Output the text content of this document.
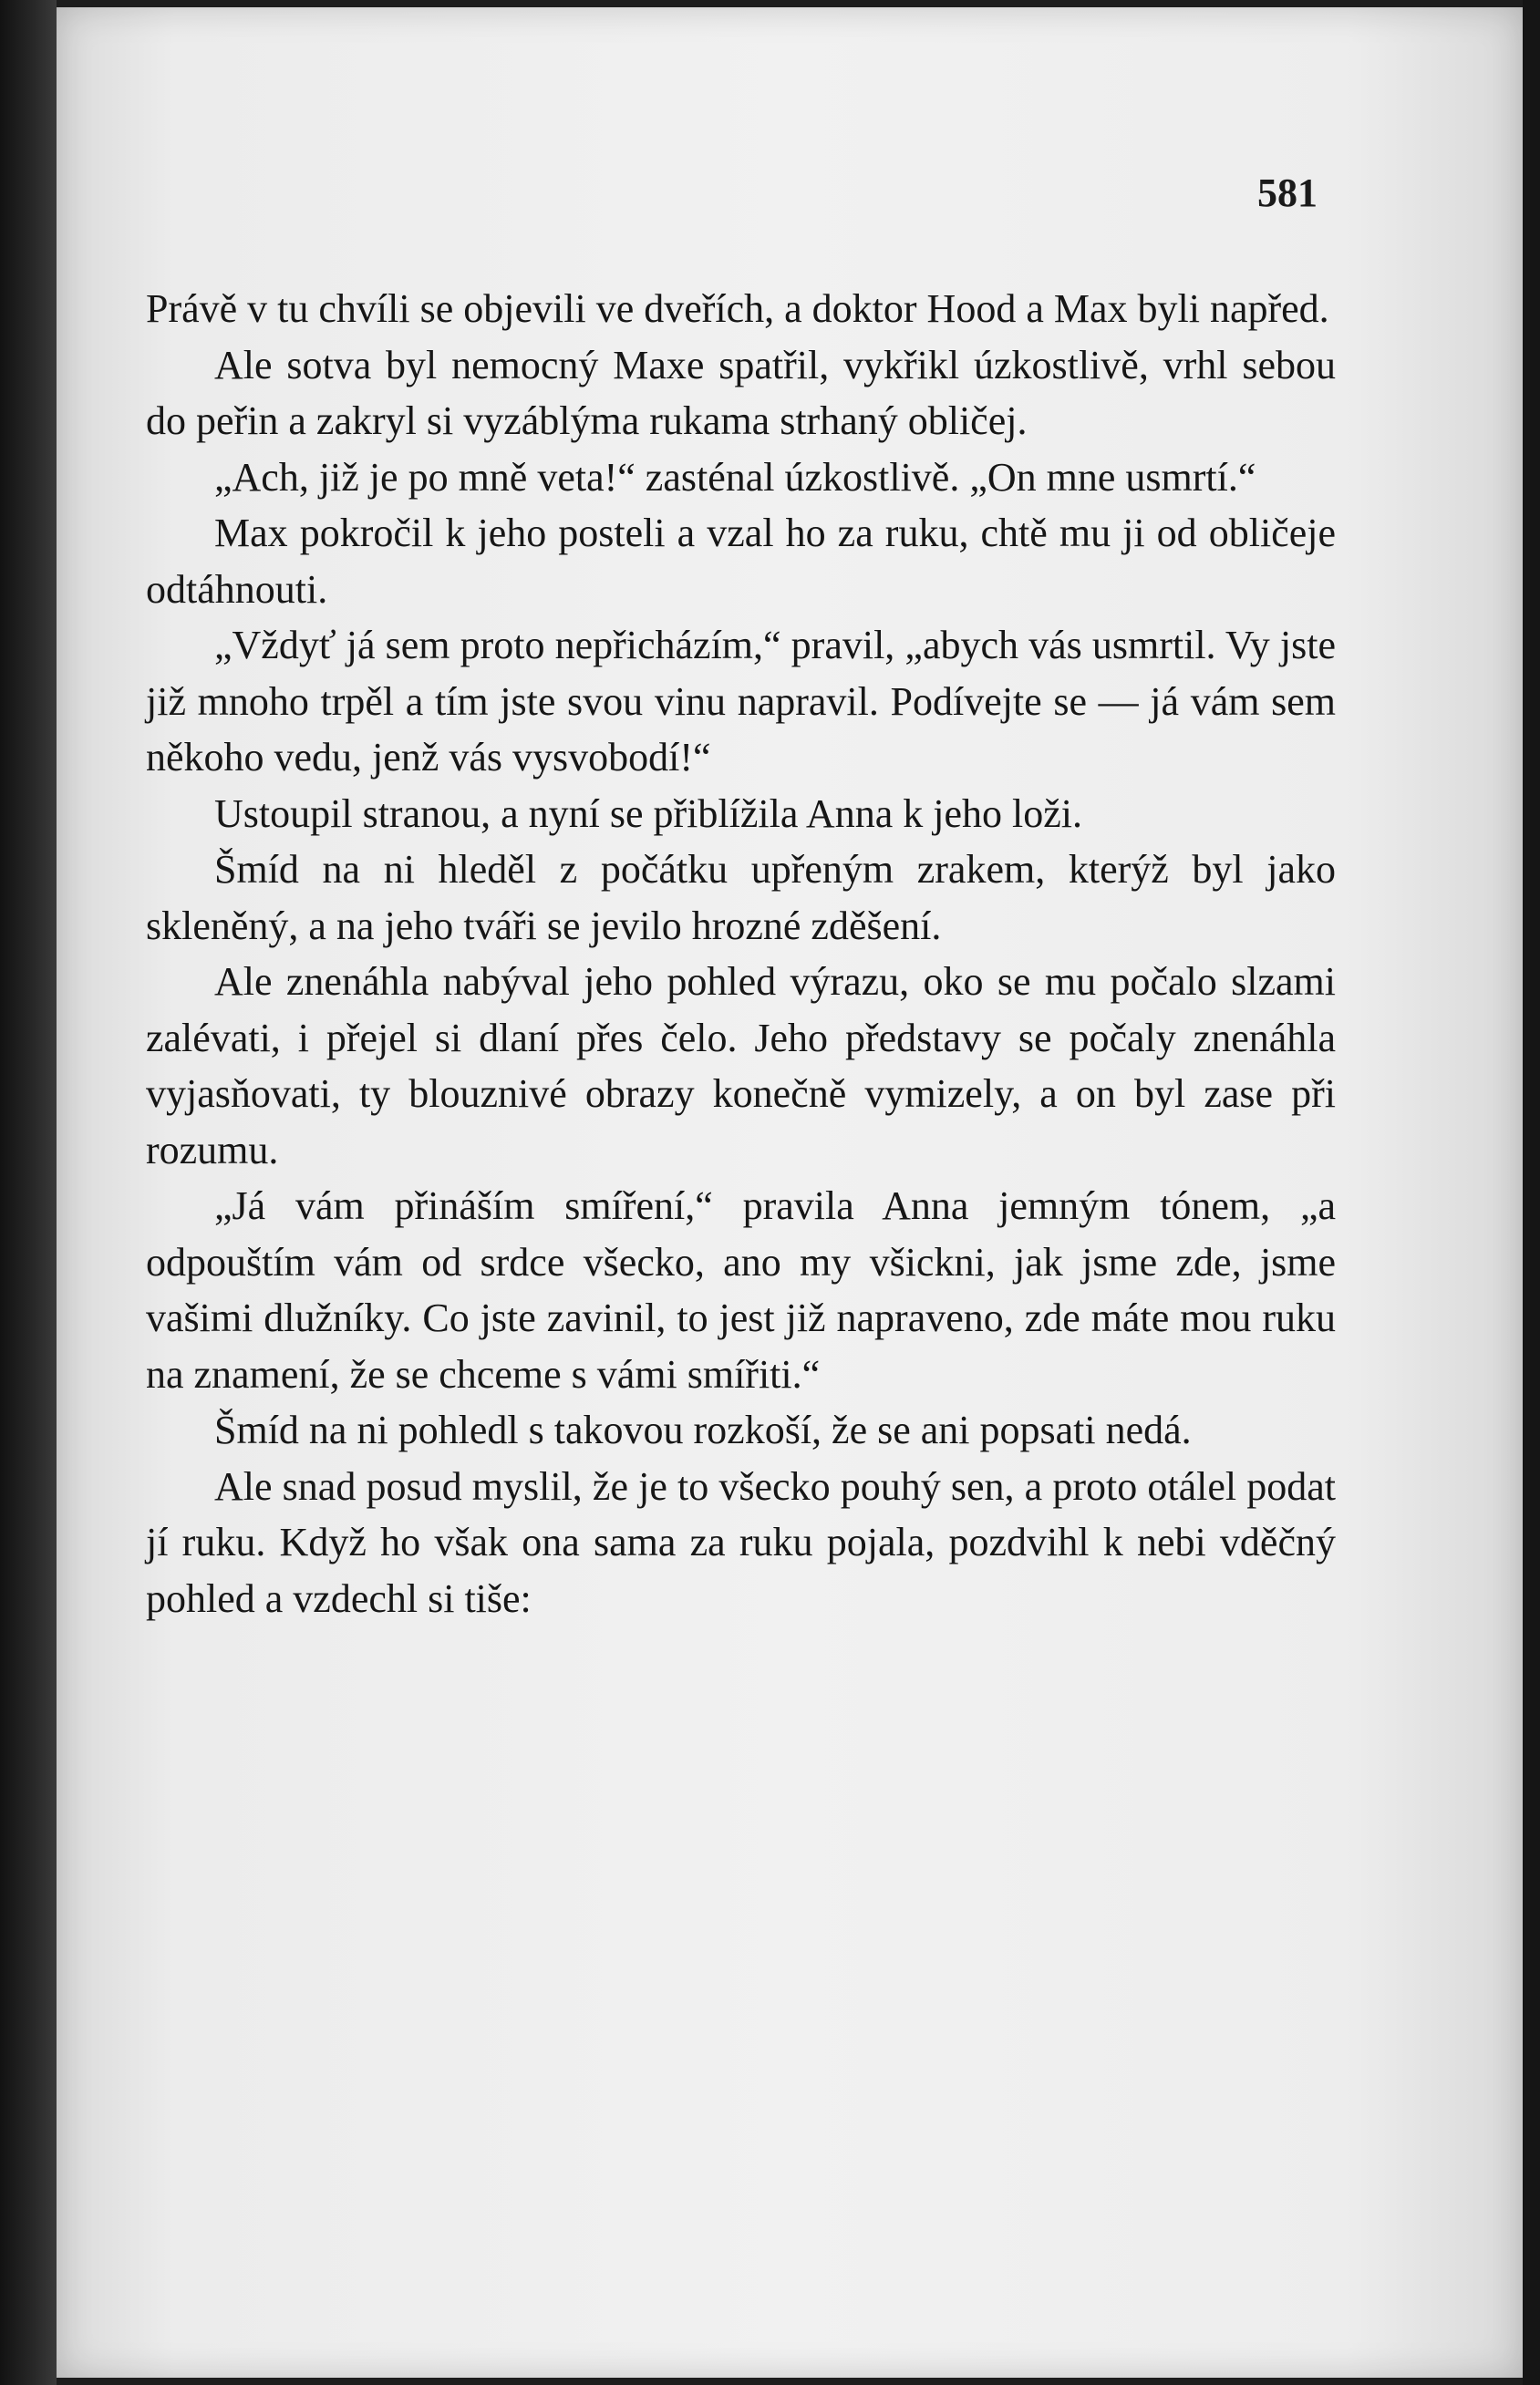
581

Právě v tu chvíli se objevili ve dveřích, a doktor Hood a Max byli napřed.

Ale sotva byl nemocný Maxe spatřil, vykřikl úzkostlivě, vrhl sebou do peřin a zakryl si vyzáblýma rukama strhaný obličej.

„Ach, již je po mně veta!“ zasténal úzkostlivě. „On mne usmrtí.“

Max pokročil k jeho posteli a vzal ho za ruku, chtě mu ji od obličeje odtáhnouti.

„Vždyť já sem proto nepřicházím,“ pravil, „abych vás usmrtil. Vy jste již mnoho trpěl a tím jste svou vinu napravil. Podívejte se — já vám sem někoho vedu, jenž vás vysvobodí!“

Ustoupil stranou, a nyní se přiblížila Anna k jeho loži.

Šmíd na ni hleděl z počátku upřeným zrakem, kterýž byl jako skleněný, a na jeho tváři se jevilo hrozné zděšení.

Ale znenáhla nabýval jeho pohled výrazu, oko se mu počalo slzami zalévati, i přejel si dlaní přes čelo. Jeho představy se počaly znenáhla vyjasňovati, ty blouznivé obrazy konečně vymizely, a on byl zase při rozumu.

„Já vám přináším smíření,“ pravila Anna jemným tónem, „a odpouštím vám od srdce všecko, ano my všickni, jak jsme zde, jsme vašimi dlužníky. Co jste zavinil, to jest již napraveno, zde máte mou ruku na znamení, že se chceme s vámi smířiti.“

Šmíd na ni pohledl s takovou rozkoší, že se ani popsati nedá.

Ale snad posud myslil, že je to všecko pouhý sen, a proto otálel podat jí ruku. Když ho však ona sama za ruku pojala, pozdvihl k nebi vděčný pohled a vzdechl si tiše:
